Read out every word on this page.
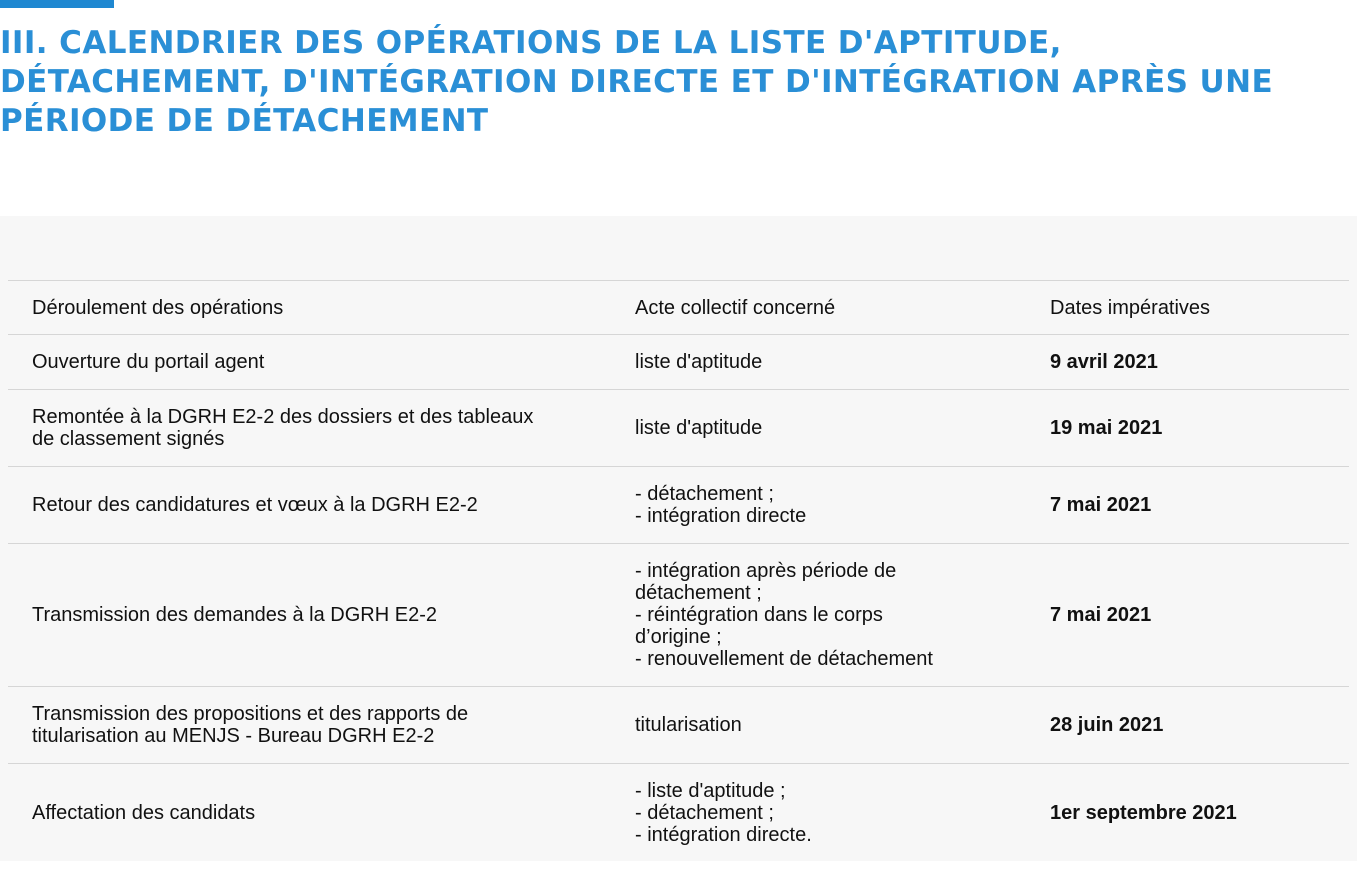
III. CALENDRIER DES OPÉRATIONS DE LA LISTE D'APTITUDE, DÉTACHEMENT, D'INTÉGRATION DIRECTE ET D'INTÉGRATION APRÈS UNE PÉRIODE DE DÉTACHEMENT
Déroulement des opérations	Acte collectif concerné	Dates impératives

Ouverture du portail agent	liste d'aptitude	9 avril 2021

Remontée à la DGRH E2-2 des dossiers et des tableaux
de classement signés	liste d'aptitude	19 mai 2021

Retour des candidatures et vœux à la DGRH E2-2	- détachement ;
- intégration directe	7 mai 2021

Transmission des demandes à la DGRH E2-2	- intégration après période de
détachement ;
- réintégration dans le corps
d’origine ;
- renouvellement de détachement	7 mai 2021

Transmission des propositions et des rapports de
titularisation au MENJS - Bureau DGRH E2-2	titularisation	28 juin 2021

Affectation des candidats	- liste d'aptitude ;
- détachement ;
- intégration directe.	1er septembre 2021
